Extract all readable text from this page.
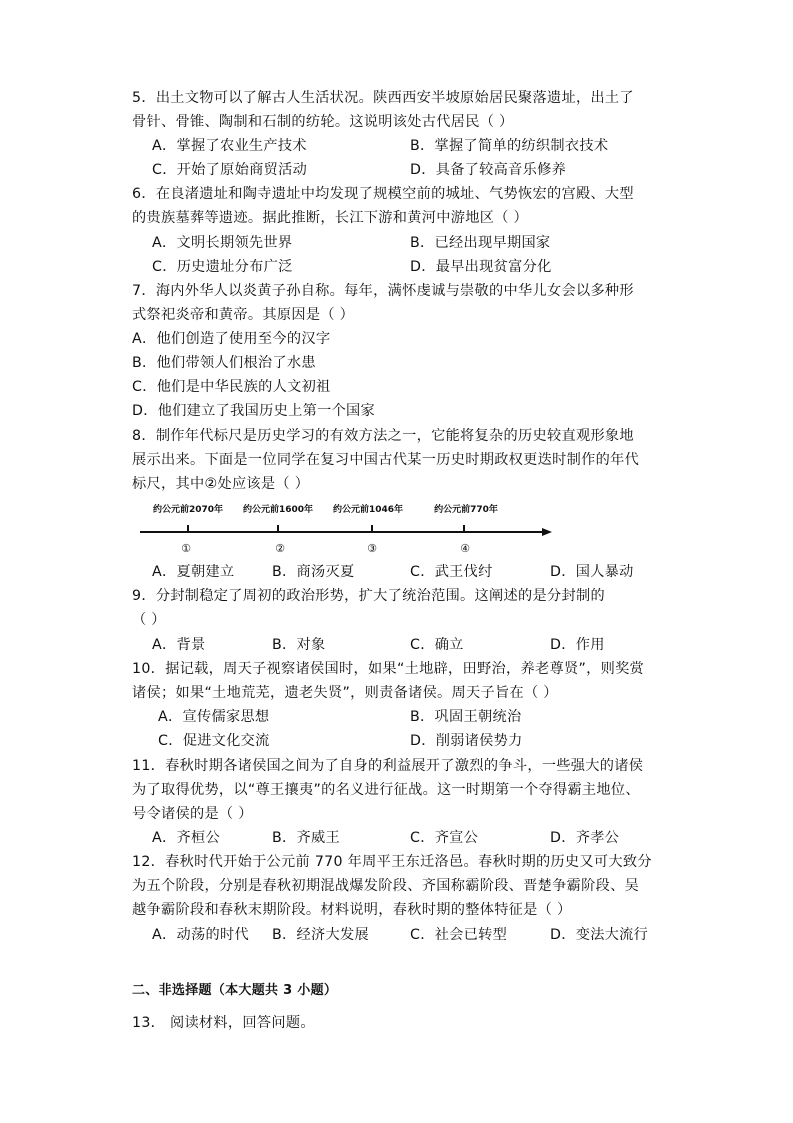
5．出土文物可以了解古人生活状况。陕西西安半坡原始居民聚落遗址，出土了
骨针、骨锥、陶制和石制的纺轮。这说明该处古代居民（ ）
A．掌握了农业生产技术	B．掌握了简单的纺织制衣技术
C．开始了原始商贸活动	D．具备了较高音乐修养
6．在良渚遗址和陶寺遗址中均发现了规模空前的城址、气势恢宏的宫殿、大型
的贵族墓葬等遗迹。据此推断，长江下游和黄河中游地区（ ）
A．文明长期领先世界	B．已经出现早期国家
C．历史遗址分布广泛	D．最早出现贫富分化
7．海内外华人以炎黄子孙自称。每年，满怀虔诚与崇敬的中华儿女会以多种形
式祭祀炎帝和黄帝。其原因是（ ）
A．他们创造了使用至今的汉字
B．他们带领人们根治了水患
C．他们是中华民族的人文初祖
D．他们建立了我国历史上第一个国家
8．制作年代标尺是历史学习的有效方法之一，它能将复杂的历史较直观形象地
展示出来。下面是一位同学在复习中国古代某一历史时期政权更迭时制作的年代
标尺，其中②处应该是（ ）
约公元前2070年 约公元前1600年 约公元前1046年	约公元前770年
①	②	③	④
A．夏朝建立	B．商汤灭夏	C．武王伐纣	D．国人暴动
9．分封制稳定了周初的政治形势，扩大了统治范围。这阐述的是分封制的
（ ）
A．背景	B．对象	C．确立	D．作用
10．据记载，周天子视察诸侯国时，如果“土地辟，田野治，养老尊贤”，则奖赏
诸侯；如果“土地荒芜，遗老失贤”，则责备诸侯。周天子旨在（ ）
A．宣传儒家思想	B．巩固王朝统治
C．促进文化交流	D．削弱诸侯势力
11．春秋时期各诸侯国之间为了自身的利益展开了激烈的争斗，一些强大的诸侯
为了取得优势，以“尊王攘夷”的名义进行征战。这一时期第一个夺得霸主地位、
号令诸侯的是（ ）
A．齐桓公	B．齐威王	C．齐宣公	D．齐孝公
12．春秋时代开始于公元前 770 年周平王东迁洛邑。春秋时期的历史又可大致分
为五个阶段，分别是春秋初期混战爆发阶段、齐国称霸阶段、晋楚争霸阶段、吴
越争霸阶段和春秋末期阶段。材料说明，春秋时期的整体特征是（ ）
A．动荡的时代 B．经济大发展	C．社会已转型	D．变法大流行
二、非选择题（本大题共 3 小题）
13． 阅读材料，回答问题。
